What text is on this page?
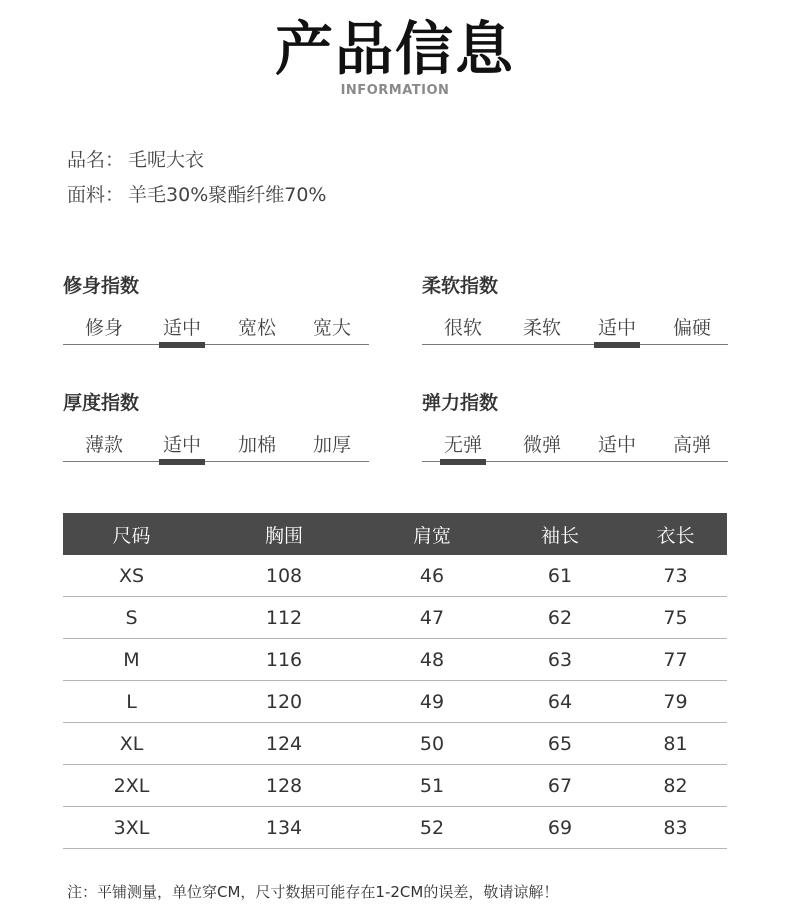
产品信息
INFORMATION
品名： 毛呢大衣
面料： 羊毛30%聚酯纤维70%
修身指数
修身	适中	宽松	宽大
柔软指数
很软	柔软	适中	偏硬
厚度指数
薄款	适中	加棉	加厚
弹力指数
无弹	微弹	适中	高弹
尺码	胸围	肩宽	袖长	衣长
XS	108	46	61	73
S	112	47	62	75
M	116	48	63	77
L	120	49	64	79
XL	124	50	65	81
2XL	128	51	67	82
3XL	134	52	69	83
注：平铺测量，单位穿CM，尺寸数据可能存在1-2CM的误差，敬请谅解！
